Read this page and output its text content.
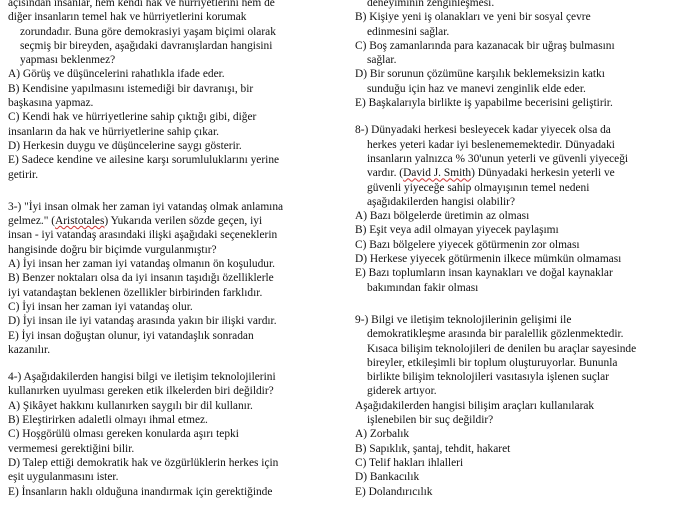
açısından insanlar, hem kendi hak ve hürriyetlerini hem de
diğer insanların temel hak ve hürriyetlerini korumak
zorundadır. Buna göre demokrasiyi yaşam biçimi olarak
seçmiş bir bireyden, aşağıdaki davranışlardan hangisini
yapması beklenmez?
A) Görüş ve düşüncelerini rahatlıkla ifade eder.
B) Kendisine yapılmasını istemediği bir davranışı, bir
başkasına yapmaz.
C) Kendi hak ve hürriyetlerine sahip çıktığı gibi, diğer
insanların da hak ve hürriyetlerine sahip çıkar.
D) Herkesin duygu ve düşüncelerine saygı gösterir.
E) Sadece kendine ve ailesine karşı sorumluluklarını yerine
getirir.
3-) "İyi insan olmak her zaman iyi vatandaş olmak anlamına
gelmez." (Aristotales) Yukarıda verilen sözde geçen, iyi
insan - iyi vatandaş arasındaki ilişki aşağıdaki seçeneklerin
hangisinde doğru bir biçimde vurgulanmıştır?
A) İyi insan her zaman iyi vatandaş olmanın ön koşuludur.
B) Benzer noktaları olsa da iyi insanın taşıdığı özelliklerle
iyi vatandaştan beklenen özellikler birbirinden farklıdır.
C) İyi insan her zaman iyi vatandaş olur.
D) İyi insan ile iyi vatandaş arasında yakın bir ilişki vardır.
E) İyi insan doğuştan olunur, iyi vatandaşlık sonradan
kazanılır.
4-) Aşağıdakilerden hangisi bilgi ve iletişim teknolojilerini
kullanırken uyulması gereken etik ilkelerden biri değildir?
A) Şikâyet hakkını kullanırken saygılı bir dil kullanır.
B) Eleştirirken adaletli olmayı ihmal etmez.
C) Hoşgörülü olması gereken konularda aşırı tepki
vermemesi gerektiğini bilir.
D) Talep ettiği demokratik hak ve özgürlüklerin herkes için
eşit uygulanmasını ister.
E) İnsanların haklı olduğuna inandırmak için gerektiğinde
deneyiminin zenginleşmesi.
B) Kişiye yeni iş olanakları ve yeni bir sosyal çevre
edinmesini sağlar.
C) Boş zamanlarında para kazanacak bir uğraş bulmasını
sağlar.
D) Bir sorunun çözümüne karşılık beklemeksizin katkı
sunduğu için haz ve manevi zenginlik elde eder.
E) Başkalarıyla birlikte iş yapabilme becerisini geliştirir.
8-) Dünyadaki herkesi besleyecek kadar yiyecek olsa da
herkes yeteri kadar iyi beslenememektedir. Dünyadaki
insanların yalnızca % 30'unun yeterli ve güvenli yiyeceği
vardır. (David J. Smith) Dünyadaki herkesin yeterli ve
güvenli yiyeceğe sahip olmayışının temel nedeni
aşağıdakilerden hangisi olabilir?
A) Bazı bölgelerde üretimin az olması
B) Eşit veya adil olmayan yiyecek paylaşımı
C) Bazı bölgelere yiyecek götürmenin zor olması
D) Herkese yiyecek götürmenin ilkece mümkün olmaması
E) Bazı toplumların insan kaynakları ve doğal kaynaklar
bakımından fakir olması
9-) Bilgi ve iletişim teknolojilerinin gelişimi ile
demokratikleşme arasında bir paralellik gözlenmektedir.
Kısaca bilişim teknolojileri de denilen bu araçlar sayesinde
bireyler, etkileşimli bir toplum oluşturuyorlar. Bununla
birlikte bilişim teknolojileri vasıtasıyla işlenen suçlar
giderek artıyor.
Aşağıdakilerden hangisi bilişim araçları kullanılarak
işlenebilen bir suç değildir?
A) Zorbalık
B) Sapıklık, şantaj, tehdit, hakaret
C) Telif hakları ihlalleri
D) Bankacılık
E) Dolandırıcılık
